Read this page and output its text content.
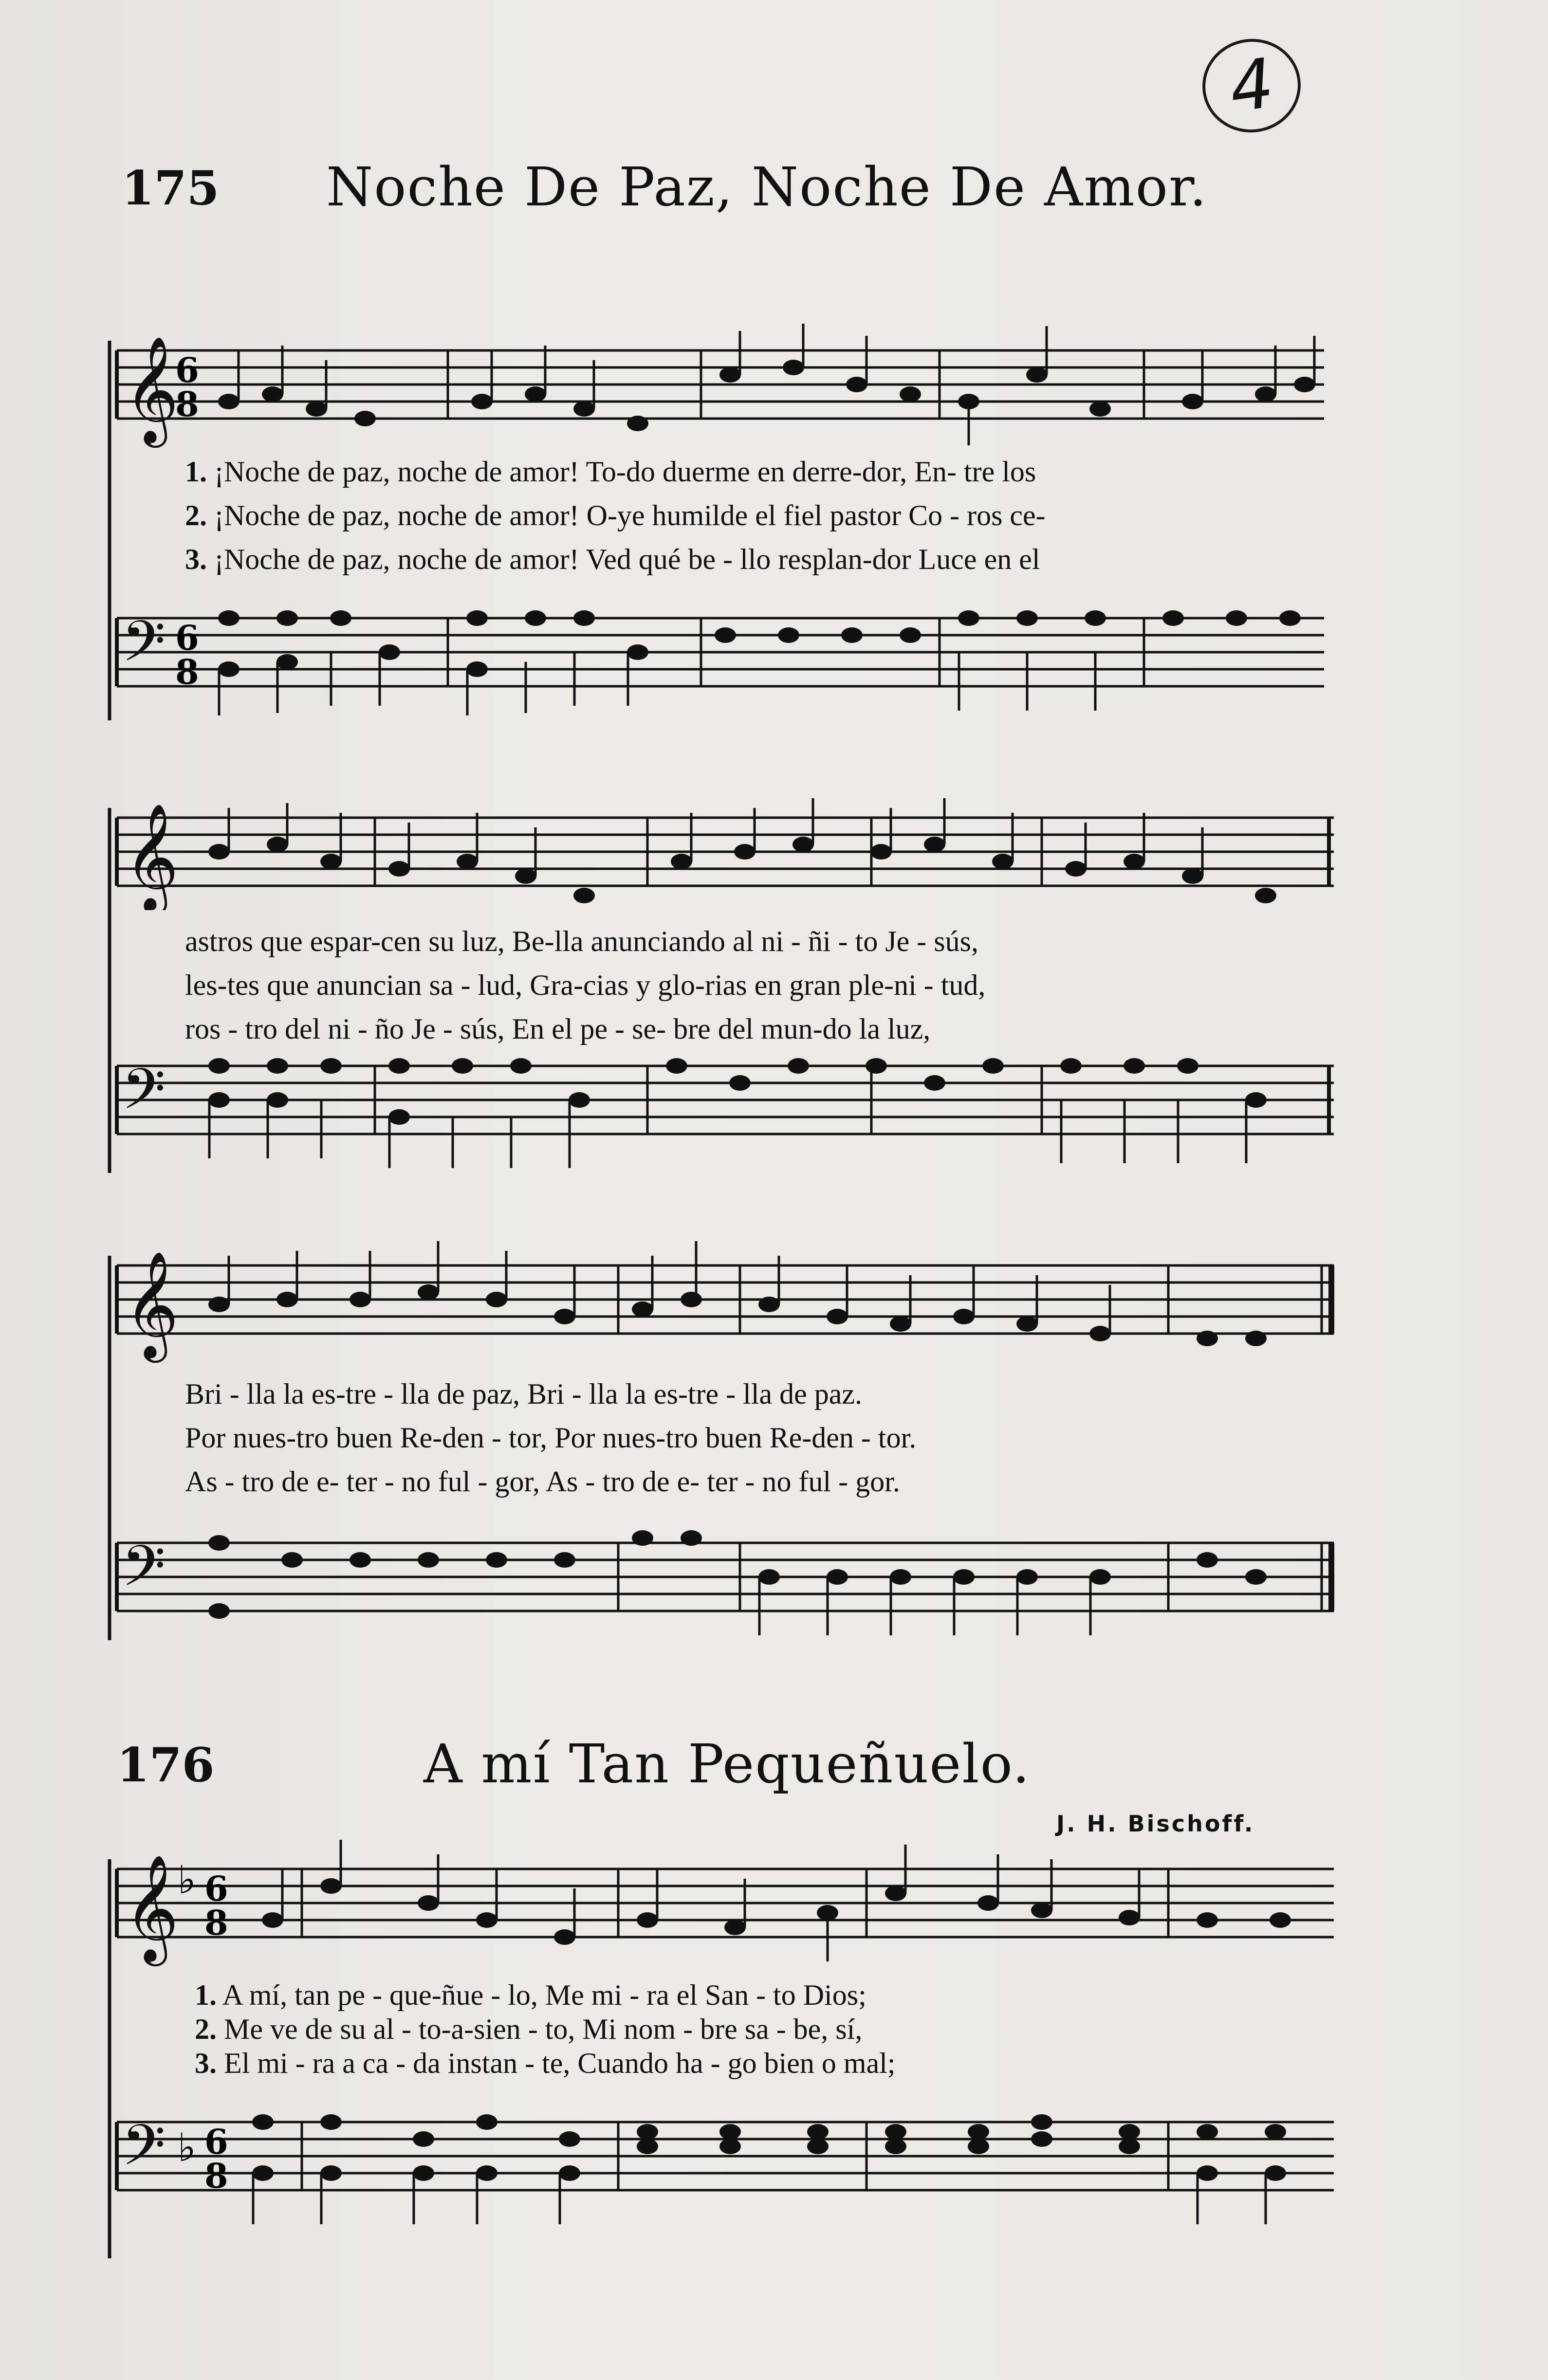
4
175 Noche De Paz, Noche De Amor.
𝄞
6
8
1. ¡Noche de paz, noche de amor! To-do duerme en derre-dor, En- tre los
2. ¡Noche de paz, noche de amor! O-ye humilde el fiel pastor Co - ros ce-
3. ¡Noche de paz, noche de amor! Ved qué be - llo resplan-dor Luce en el
𝄢 6
8
𝄞
astros que espar-cen su luz, Be-lla anunciando al ni - ñi - to Je - sús,
les-tes que anuncian sa - lud, Gra-cias y glo-rias en gran ple-ni - tud,
ros - tro del ni - ño Je - sús, En el pe - se- bre del mun-do la luz,
𝄢
𝄞
Bri - lla la es-tre - lla de paz, Bri - lla la es-tre - lla de paz.
Por nues-tro buen Re-den - tor, Por nues-tro buen Re-den - tor.
As - tro de e- ter - no ful - gor, As - tro de e- ter - no ful - gor.
𝄢
176	A mí Tan Pequeñuelo.
J. H. Bischoff.
𝄞
♭ 6
8
1. A mí, tan pe - que-ñue - lo, Me mi - ra el San - to Dios;
2. Me ve de su al - to-a-sien - to, Mi nom - bre sa - be, sí,
3. El mi - ra a ca - da instan - te, Cuando ha - go bien o mal;
𝄢 ♭ 6
8
